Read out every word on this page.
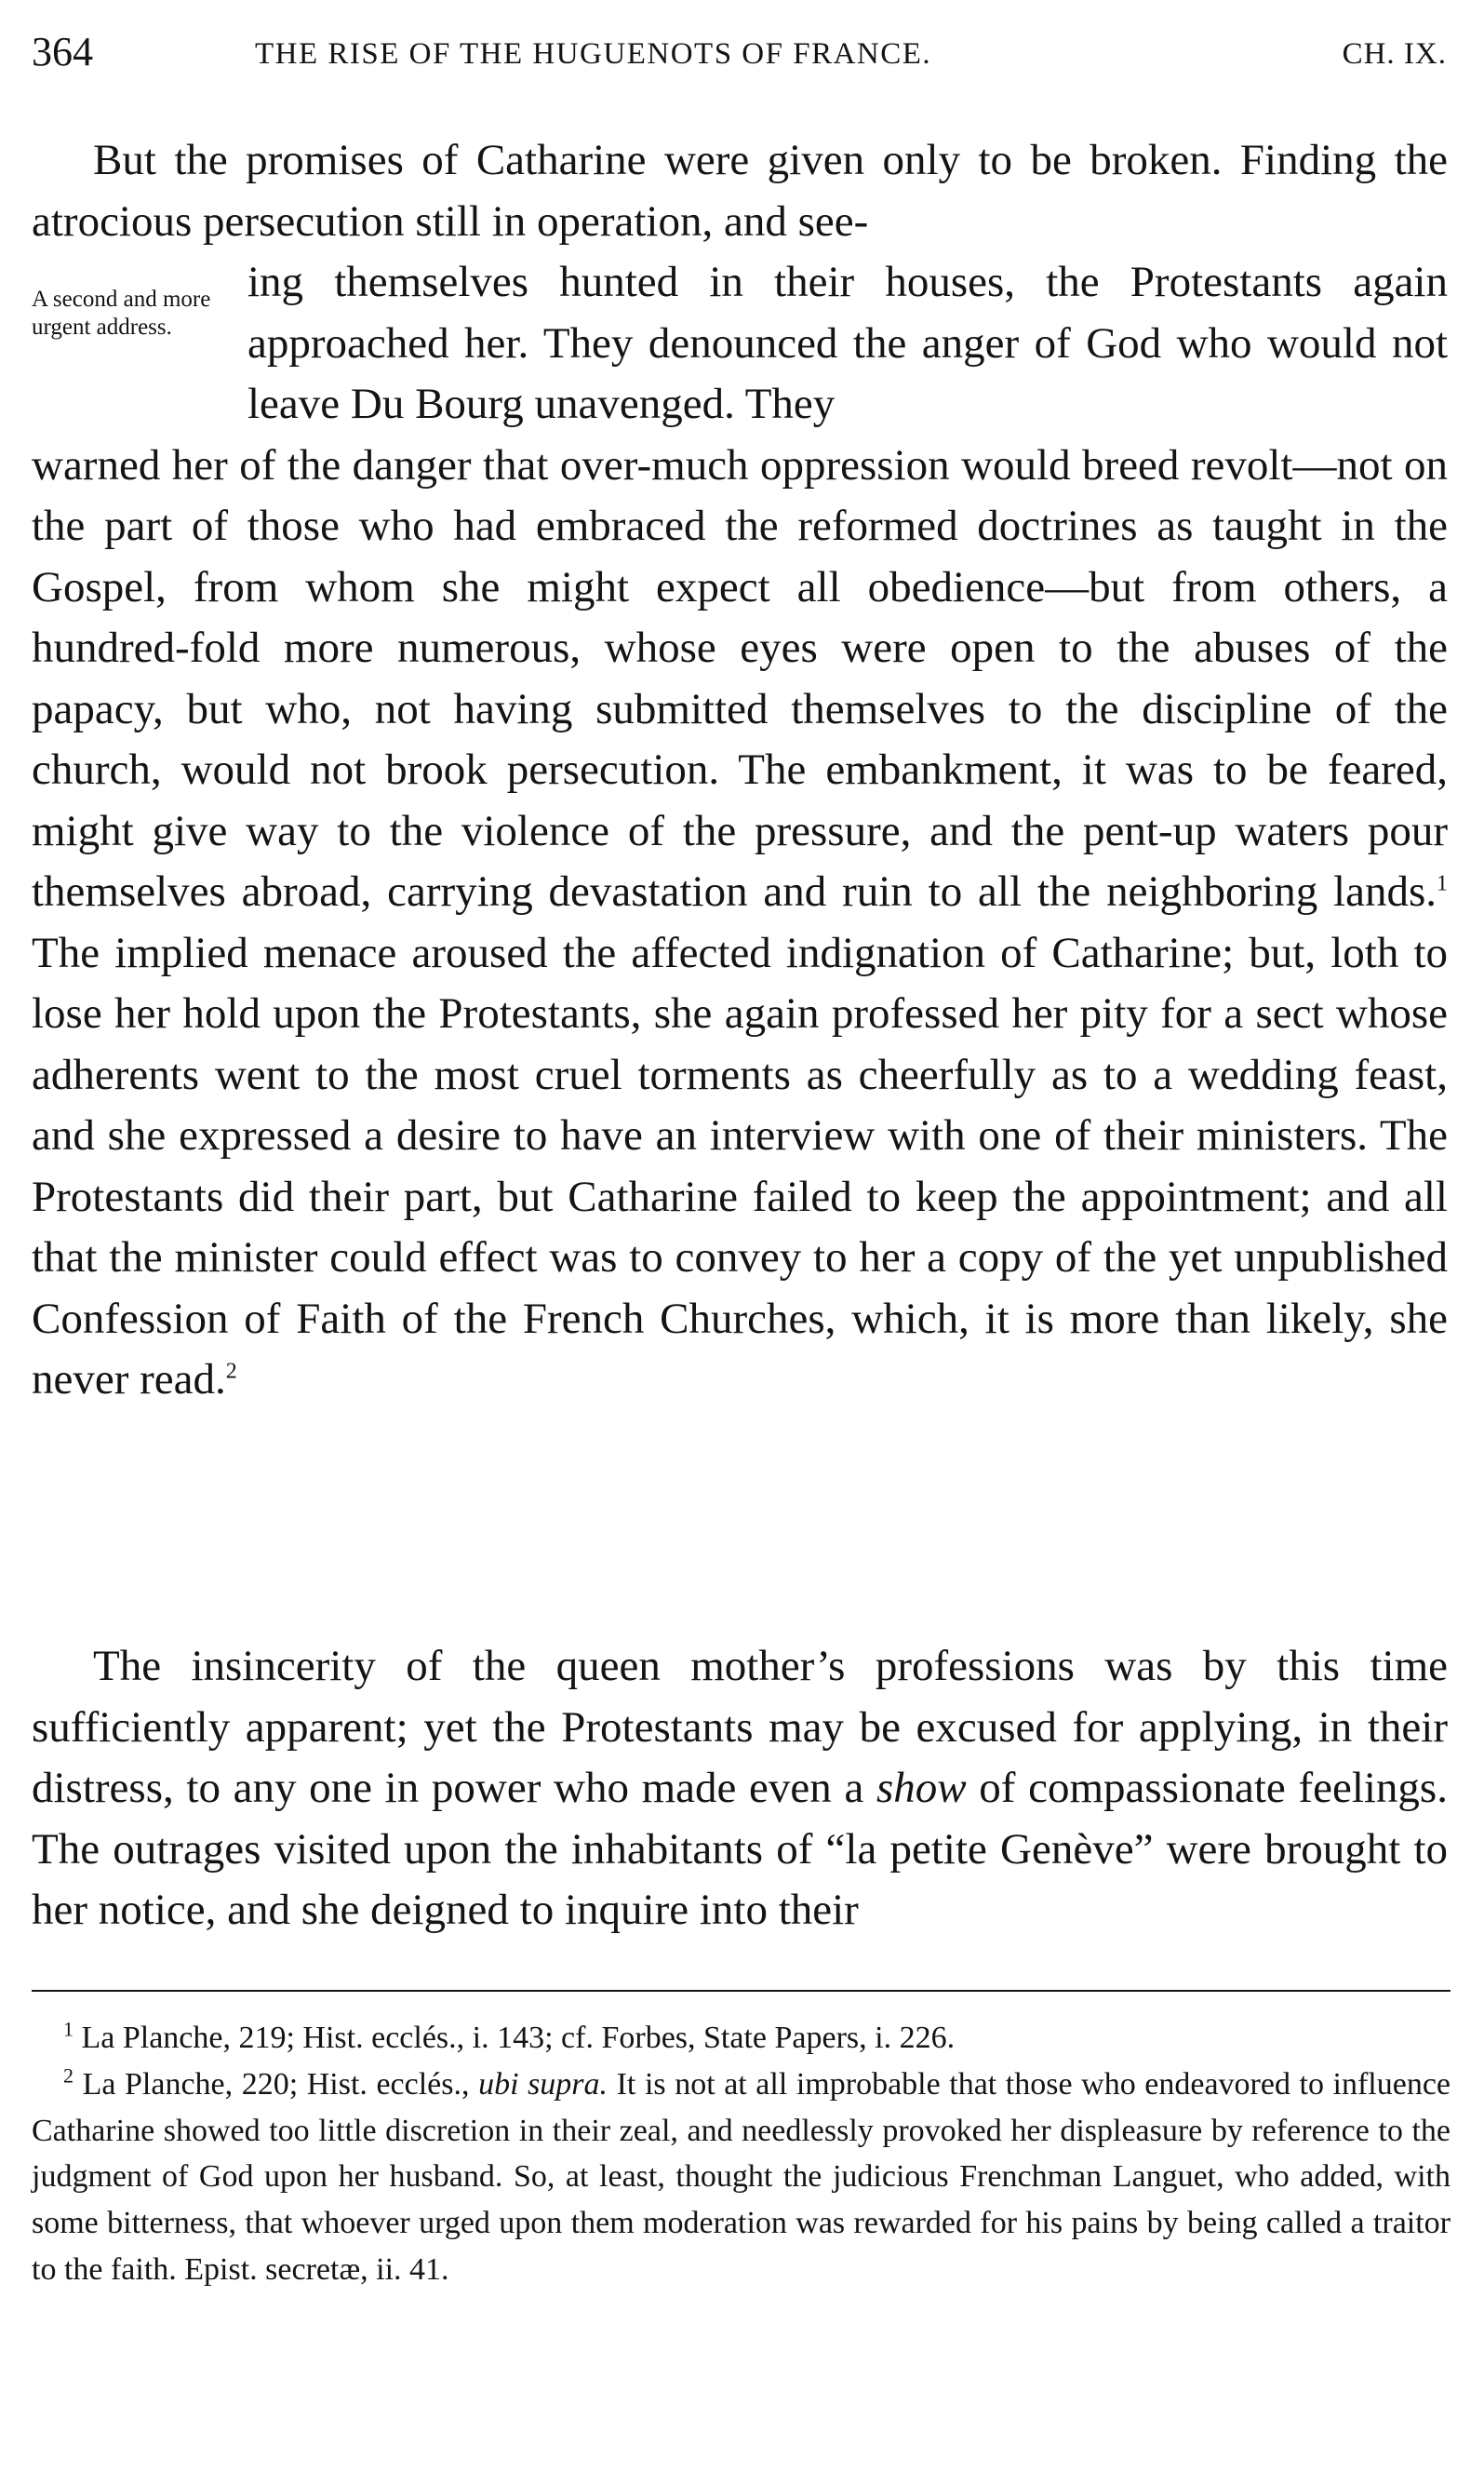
364	THE RISE OF THE HUGUENOTS OF FRANCE.	CH. IX.

But the promises of Catharine were given only to be broken. Finding the atrocious persecution still in operation, and see-

A second and more urgent address.

ing themselves hunted in their houses, the Protestants again approached her. They denounced the anger of God who would not leave Du Bourg unavenged. They

warned her of the danger that over-much oppression would breed revolt—not on the part of those who had embraced the reformed doctrines as taught in the Gospel, from whom she might expect all obedience—but from others, a hundred-fold more numerous, whose eyes were open to the abuses of the papacy, but who, not having submitted themselves to the discipline of the church, would not brook persecution. The embankment, it was to be feared, might give way to the violence of the pressure, and the pent-up waters pour themselves abroad, carrying devastation and ruin to all the neighboring lands.$^1$ The implied menace aroused the affected indignation of Catharine; but, loth to lose her hold upon the Protestants, she again professed her pity for a sect whose adherents went to the most cruel torments as cheerfully as to a wedding feast, and she expressed a desire to have an interview with one of their ministers. The Protestants did their part, but Catharine failed to keep the appointment; and all that the minister could effect was to convey to her a copy of the yet unpublished Confession of Faith of the French Churches, which, it is more than likely, she never read.$^2$

The insincerity of the queen mother’s professions was by this time sufficiently apparent; yet the Protestants may be excused for applying, in their distress, to any one in power who made even a show of compassionate feelings. The outrages visited upon the inhabitants of “la petite Genève” were brought to her notice, and she deigned to inquire into their

$^1$ La Planche, 219; Hist. ecclés., i. 143; cf. Forbes, State Papers, i. 226.

$^2$ La Planche, 220; Hist. ecclés., ubi supra. It is not at all improbable that those who endeavored to influence Catharine showed too little discretion in their zeal, and needlessly provoked her displeasure by reference to the judgment of God upon her husband. So, at least, thought the judicious Frenchman Languet, who added, with some bitterness, that whoever urged upon them moderation was rewarded for his pains by being called a traitor to the faith. Epist. secretæ, ii. 41.
